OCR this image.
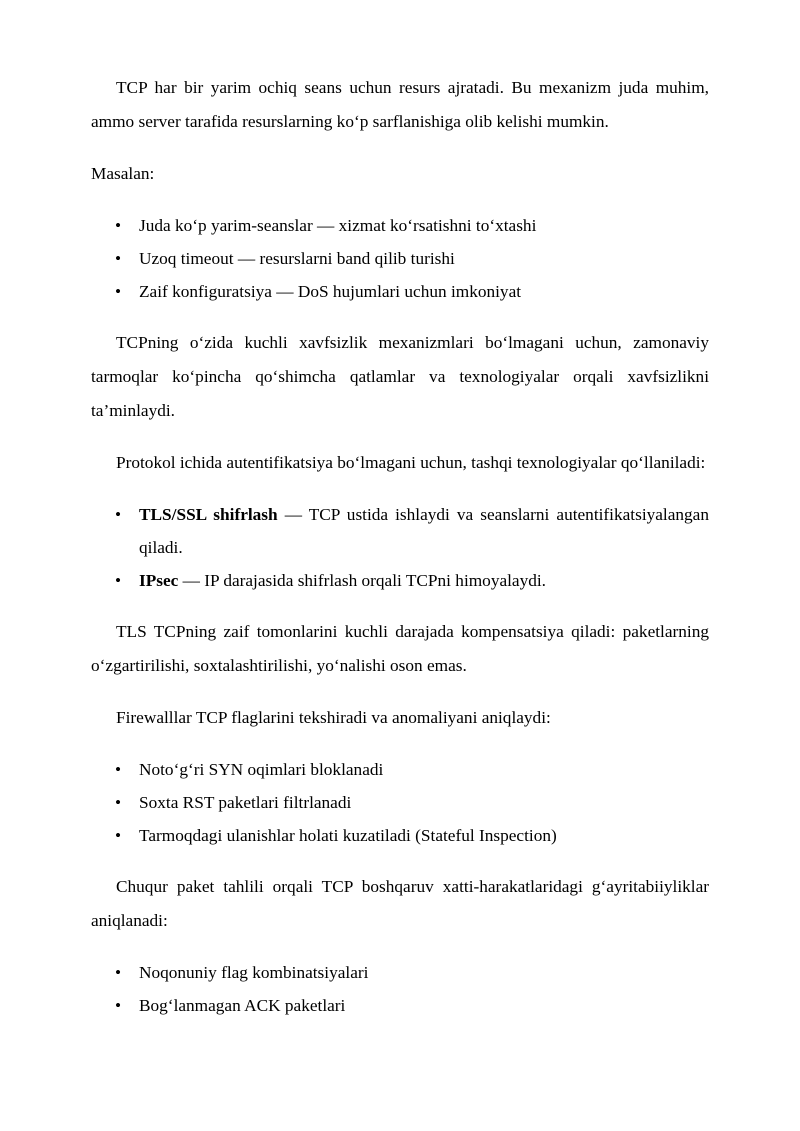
TCP har bir yarim ochiq seans uchun resurs ajratadi. Bu mexanizm juda muhim, ammo server tarafida resurslarning ko‘p sarflanishiga olib kelishi mumkin.

Masalan:

• Juda ko‘p yarim-seanslar — xizmat ko‘rsatishni to‘xtashi
• Uzoq timeout — resurslarni band qilib turishi
• Zaif konfiguratsiya — DoS hujumlari uchun imkoniyat

TCPning o‘zida kuchli xavfsizlik mexanizmlari bo‘lmagani uchun, zamonaviy tarmoqlar ko‘pincha qo‘shimcha qatlamlar va texnologiyalar orqali xavfsizlikni ta’minlaydi.

Protokol ichida autentifikatsiya bo‘lmagani uchun, tashqi texnologiyalar qo‘llaniladi:

• TLS/SSL shifrlash — TCP ustida ishlaydi va seanslarni autentifikatsiyalangan qiladi.
• IPsec — IP darajasida shifrlash orqali TCPni himoyalaydi.

TLS TCPning zaif tomonlarini kuchli darajada kompensatsiya qiladi: paketlarning o‘zgartirilishi, soxtalashtirilishi, yo‘nalishi oson emas.

Firewalllar TCP flaglarini tekshiradi va anomaliyani aniqlaydi:

• Noto‘g‘ri SYN oqimlari bloklanadi
• Soxta RST paketlari filtrlanadi
• Tarmoqdagi ulanishlar holati kuzatiladi (Stateful Inspection)

Chuqur paket tahlili orqali TCP boshqaruv xatti-harakatlaridagi g‘ayritabiiyliklar aniqlanadi:

• Noqonuniy flag kombinatsiyalari
• Bog‘lanmagan ACK paketlari
